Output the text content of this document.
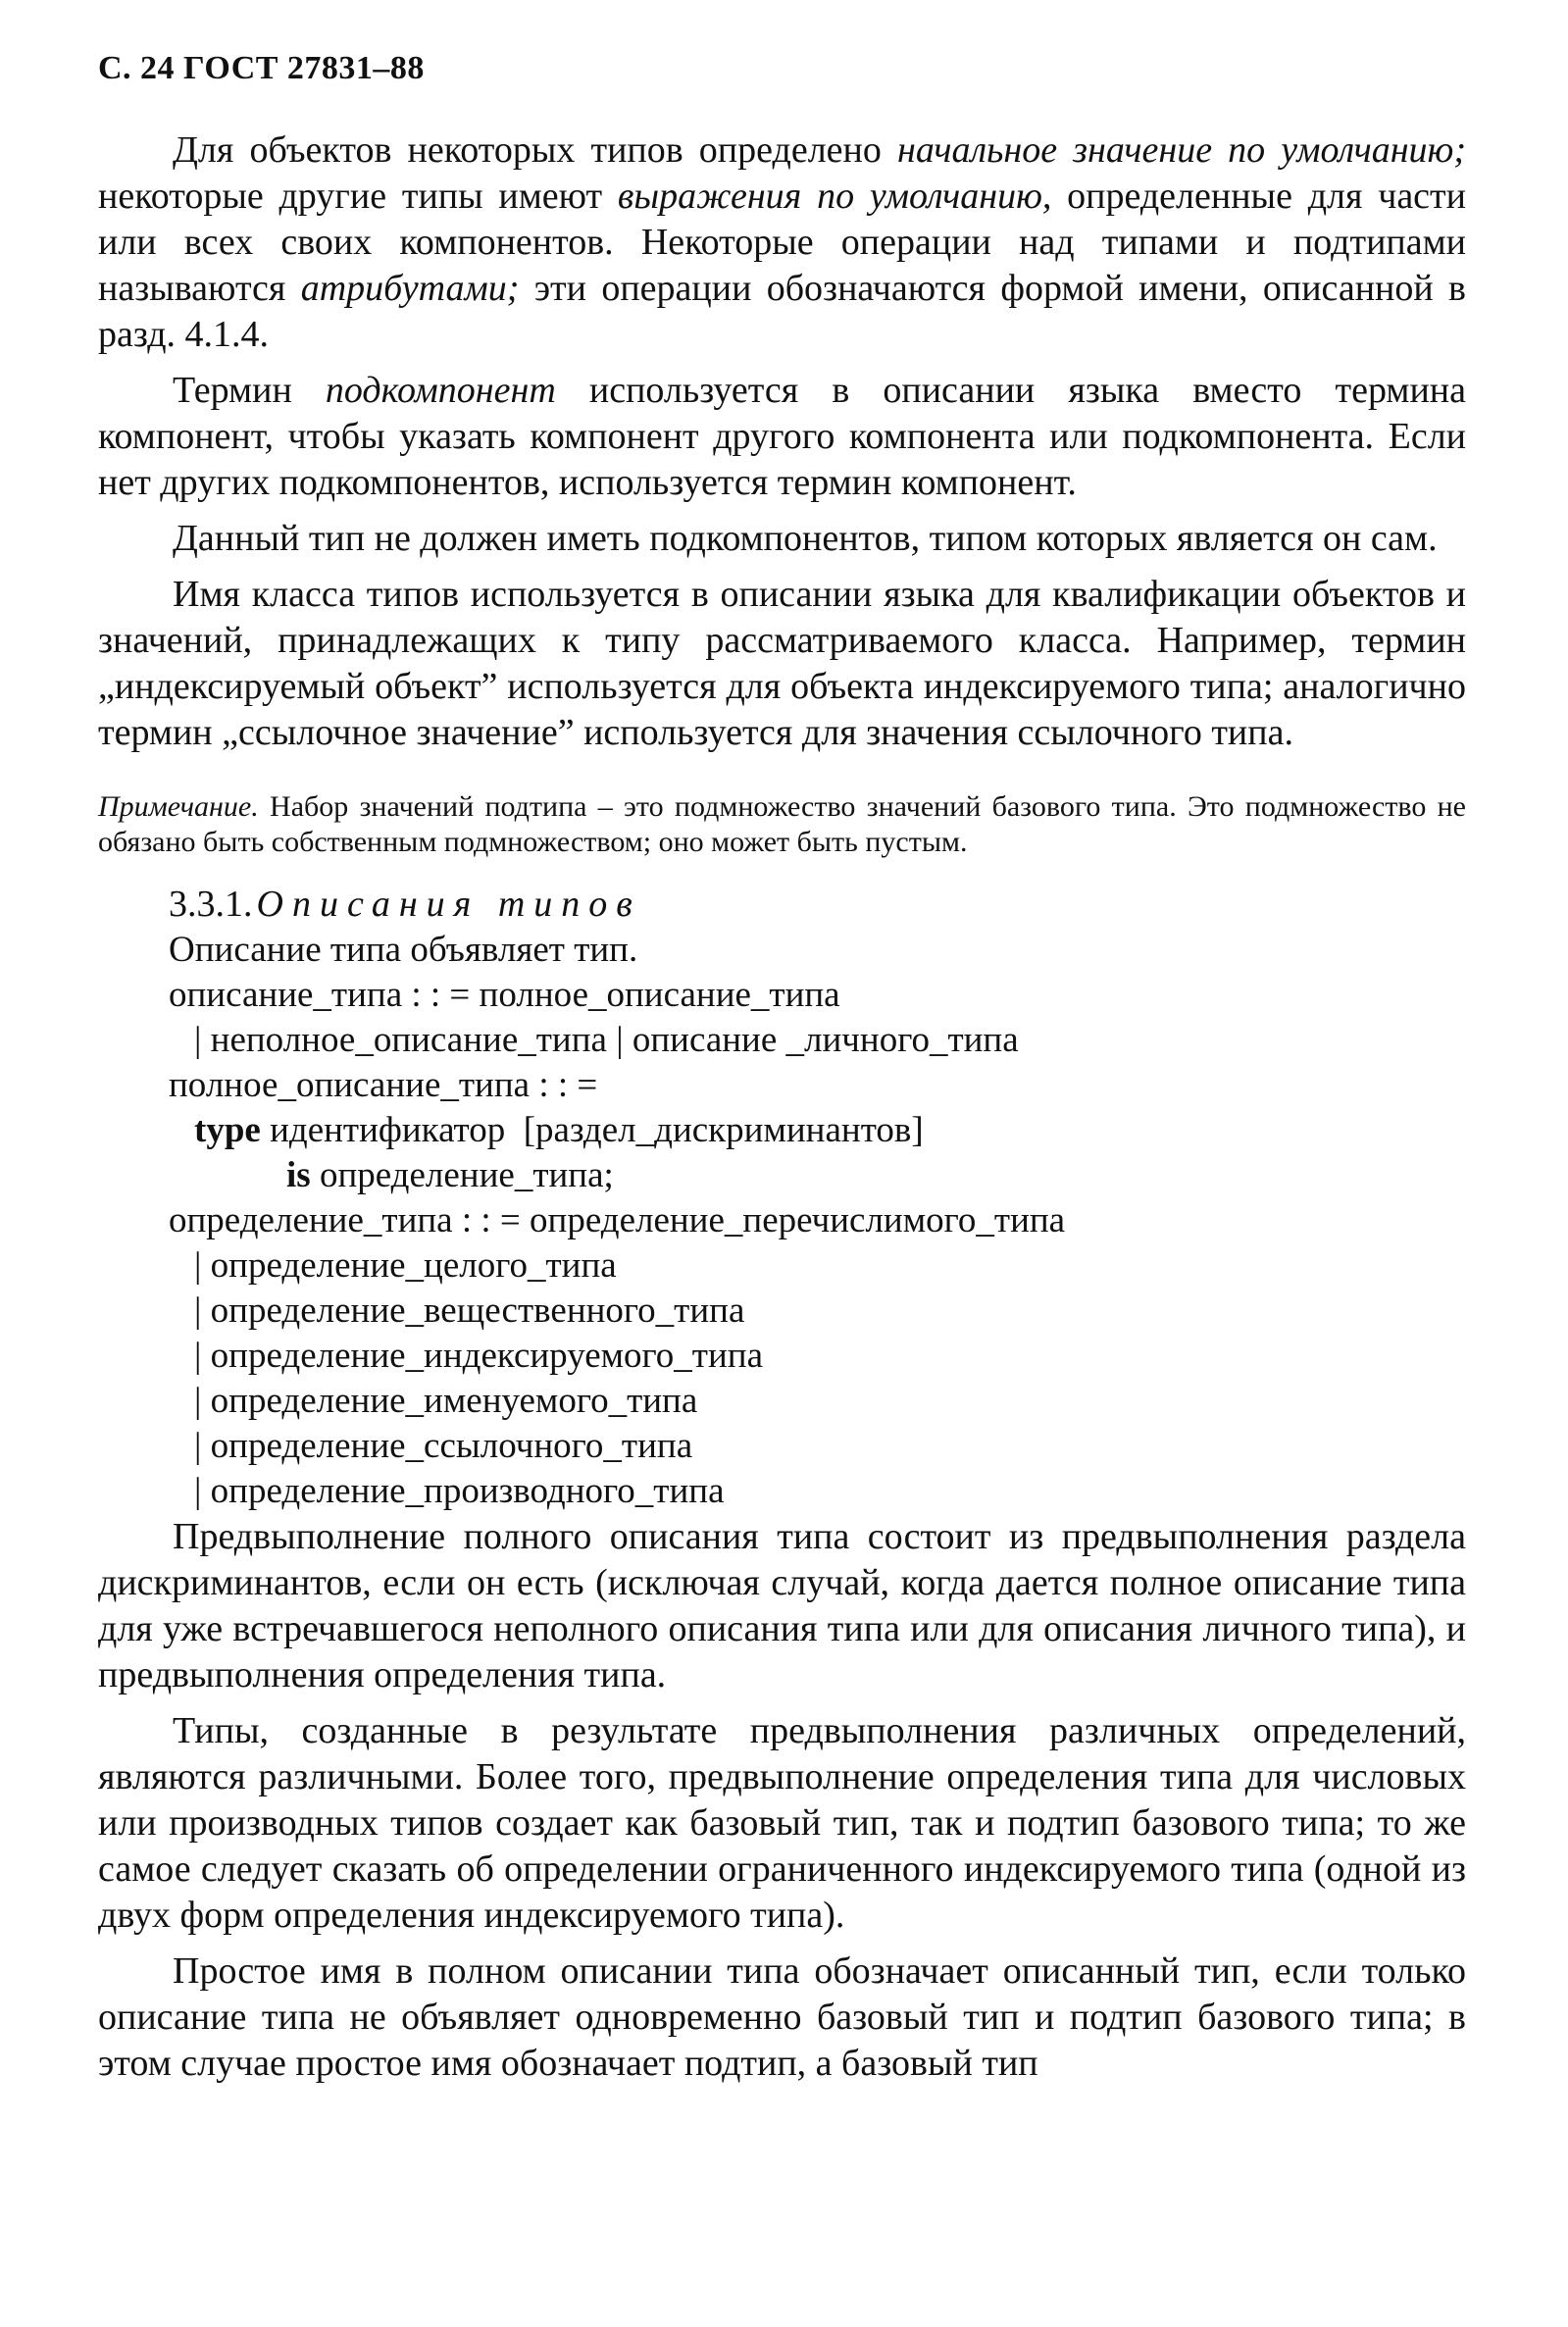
С. 24 ГОСТ 27831–88

Для объектов некоторых типов определено начальное значение по умолчанию; некоторые другие типы имеют выражения по умолчанию, определенные для части или всех своих компонентов. Некоторые операции над типами и подтипами называются атрибутами; эти операции обозначаются формой имени, описанной в разд. 4.1.4.

Термин подкомпонент используется в описании языка вместо термина компонент, чтобы указать компонент другого компонента или подкомпонента. Если нет других подкомпонентов, используется термин компонент.

Данный тип не должен иметь подкомпонентов, типом которых является он сам.

Имя класса типов используется в описании языка для квалификации объектов и значений, принадлежащих к типу рассматриваемого класса. Например, термин „индексируемый объект” используется для объекта индексируемого типа; аналогично термин „ссылочное значение” используется для значения ссылочного типа.

Примечание. Набор значений подтипа – это подмножество значений базового типа. Это подмножество не обязано быть собственным подмножеством; оно может быть пустым.
3.3.1. Описания типов
Описание типа объявляет тип.
описание_типа : : = полное_описание_типа
| неполное_описание_типа | описание _личного_типа
полное_описание_типа : : =
type идентификатор  [раздел_дискриминантов]
is определение_типа;
определение_типа : : = определение_перечислимого_типа
| определение_целого_типа
| определение_вещественного_типа
| определение_индексируемого_типа
| определение_именуемого_типа
| определение_ссылочного_типа
| определение_производного_типа

Предвыполнение полного описания типа состоит из предвыполнения раздела дискриминантов, если он есть (исключая случай, когда дается полное описание типа для уже встречавшегося неполного описания типа или для описания личного типа), и предвыполнения определения типа.

Типы, созданные в результате предвыполнения различных определений, являются различными. Более того, предвыполнение определения типа для числовых или производных типов создает как базовый тип, так и подтип базового типа; то же самое следует сказать об определении ограниченного индексируемого типа (одной из двух форм определения индексируемого типа).

Простое имя в полном описании типа обозначает описанный тип, если только описание типа не объявляет одновременно базовый тип и подтип базового типа; в этом случае простое имя обозначает подтип, а базовый тип
